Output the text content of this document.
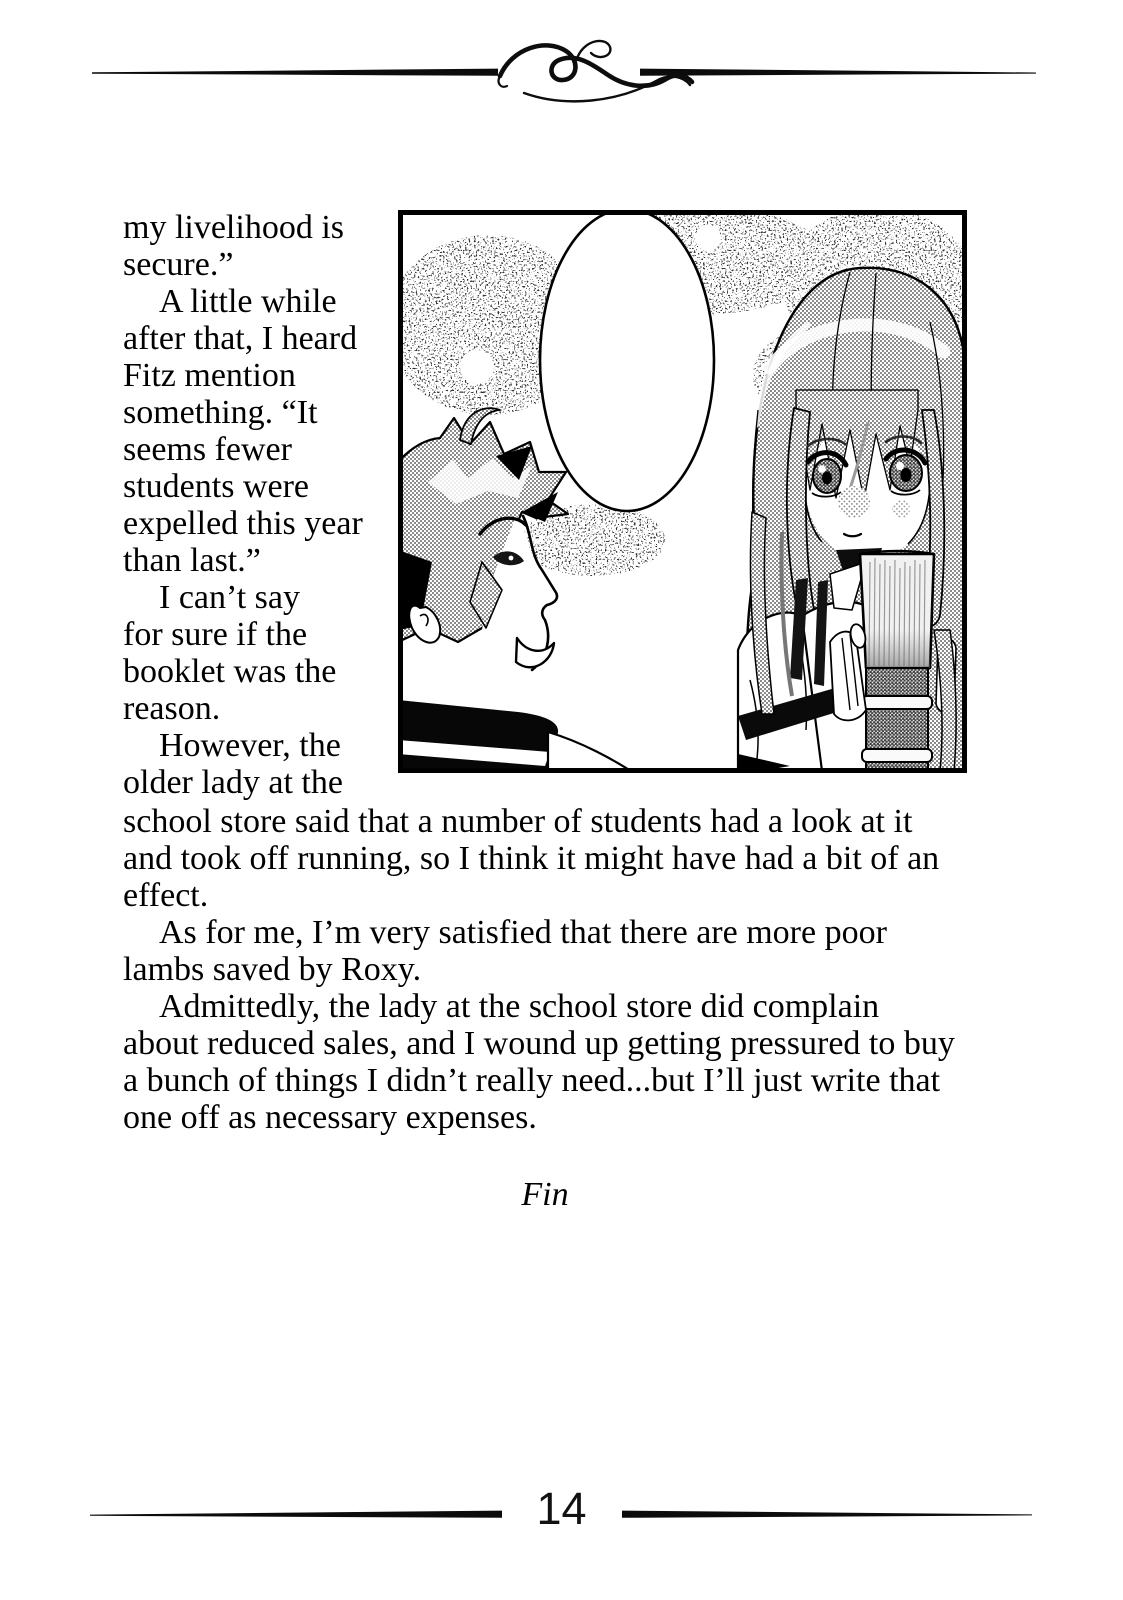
my livelihood is
secure.”
A little while
after that, I heard
Fitz mention
something. “It
seems fewer
students were
expelled this year
than last.”
I can’t say
for sure if the
booklet was the
reason.
However, the
older lady at the
school store said that a number of students had a look at it
and took off running, so I think it might have had a bit of an
effect.
As for me, I’m very satisfied that there are more poor
lambs saved by Roxy.
Admittedly, the lady at the school store did complain
about reduced sales, and I wound up getting pressured to buy
a bunch of things I didn’t really need...but I’ll just write that
one off as necessary expenses.
Fin
14
